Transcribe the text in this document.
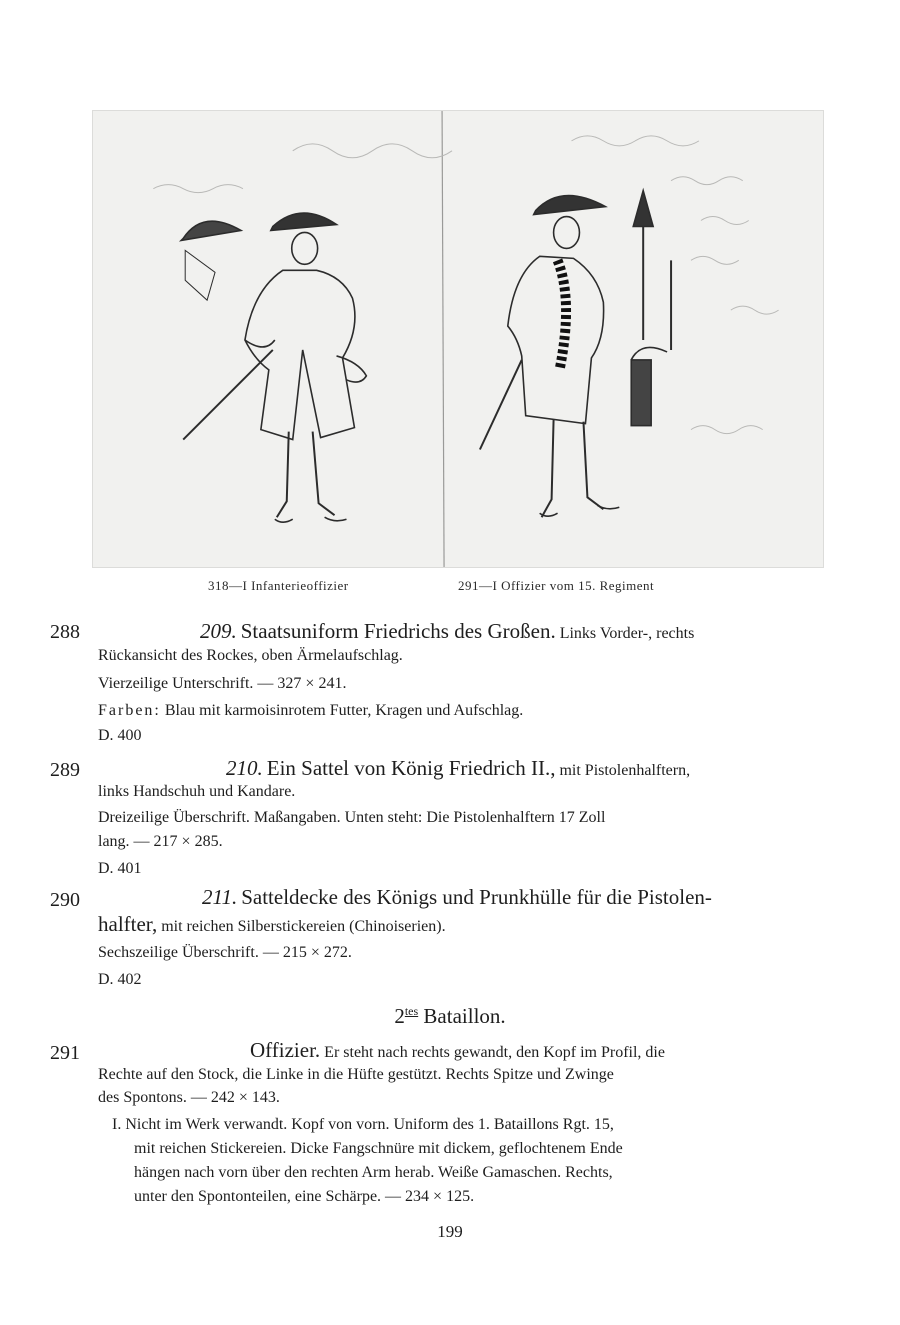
318—I Infanterieoffizier	291—I Offizier vom 15. Regiment
288	209. Staatsuniform Friedrichs des Großen. Links Vorder-, rechts
Rückansicht des Rockes, oben Ärmelaufschlag.
Vierzeilige Unterschrift. — 327 × 241.
Farben: Blau mit karmoisinrotem Futter, Kragen und Aufschlag.
D. 400
289	210. Ein Sattel von König Friedrich II., mit Pistolenhalftern,
links Handschuh und Kandare.
Dreizeilige Überschrift. Maßangaben. Unten steht: Die Pistolenhalftern 17 Zoll
lang. — 217 × 285.
D. 401
290	211. Satteldecke des Königs und Prunkhülle für die Pistolen-
halfter, mit reichen Silberstickereien (Chinoiserien).
Sechszeilige Überschrift. — 215 × 272.
D. 402
$2^{tes}$ Bataillon.
291	Offizier. Er steht nach rechts gewandt, den Kopf im Profil, die
Rechte auf den Stock, die Linke in die Hüfte gestützt. Rechts Spitze und Zwinge
des Spontons. — 242 × 143.
I. Nicht im Werk verwandt. Kopf von vorn. Uniform des 1. Bataillons Rgt. 15,
mit reichen Stickereien. Dicke Fangschnüre mit dickem, geflochtenem Ende
hängen nach vorn über den rechten Arm herab. Weiße Gamaschen. Rechts,
unter den Spontonteilen, eine Schärpe. — 234 × 125.
199
